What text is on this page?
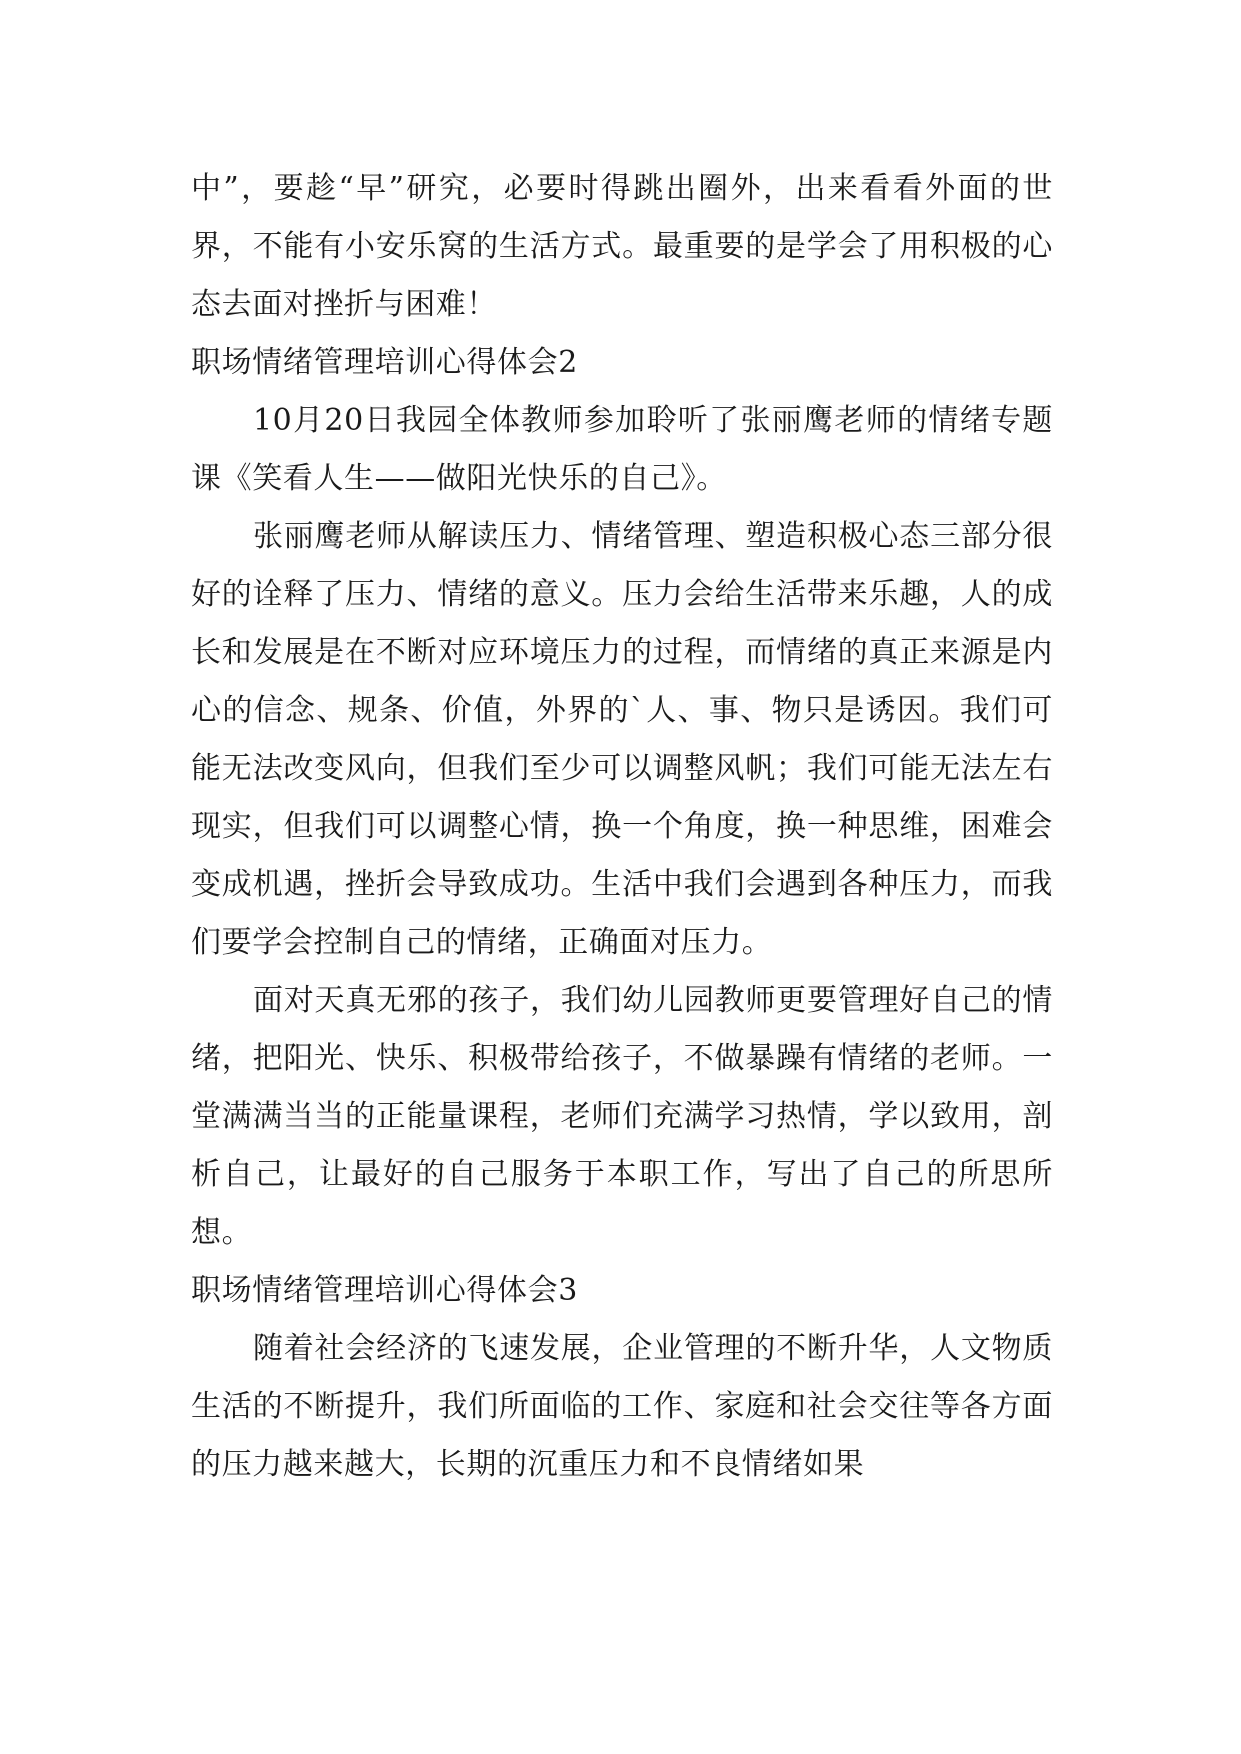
中”，要趁“早”研究，必要时得跳出圈外，出来看看外面的世界，不能有小安乐窝的生活方式。最重要的是学会了用积极的心态去面对挫折与困难！

职场情绪管理培训心得体会2

10月20日我园全体教师参加聆听了张丽鹰老师的情绪专题课《笑看人生——做阳光快乐的自己》。

张丽鹰老师从解读压力、情绪管理、塑造积极心态三部分很好的诠释了压力、情绪的意义。压力会给生活带来乐趣，人的成长和发展是在不断对应环境压力的过程，而情绪的真正来源是内心的信念、规条、价值，外界的`人、事、物只是诱因。我们可能无法改变风向，但我们至少可以调整风帆；我们可能无法左右现实，但我们可以调整心情，换一个角度，换一种思维，困难会变成机遇，挫折会导致成功。生活中我们会遇到各种压力，而我们要学会控制自己的情绪，正确面对压力。

面对天真无邪的孩子，我们幼儿园教师更要管理好自己的情绪，把阳光、快乐、积极带给孩子，不做暴躁有情绪的老师。一堂满满当当的正能量课程，老师们充满学习热情，学以致用，剖析自己，让最好的自己服务于本职工作，写出了自己的所思所想。

职场情绪管理培训心得体会3

随着社会经济的飞速发展，企业管理的不断升华，人文物质生活的不断提升，我们所面临的工作、家庭和社会交往等各方面的压力越来越大，长期的沉重压力和不良情绪如果
